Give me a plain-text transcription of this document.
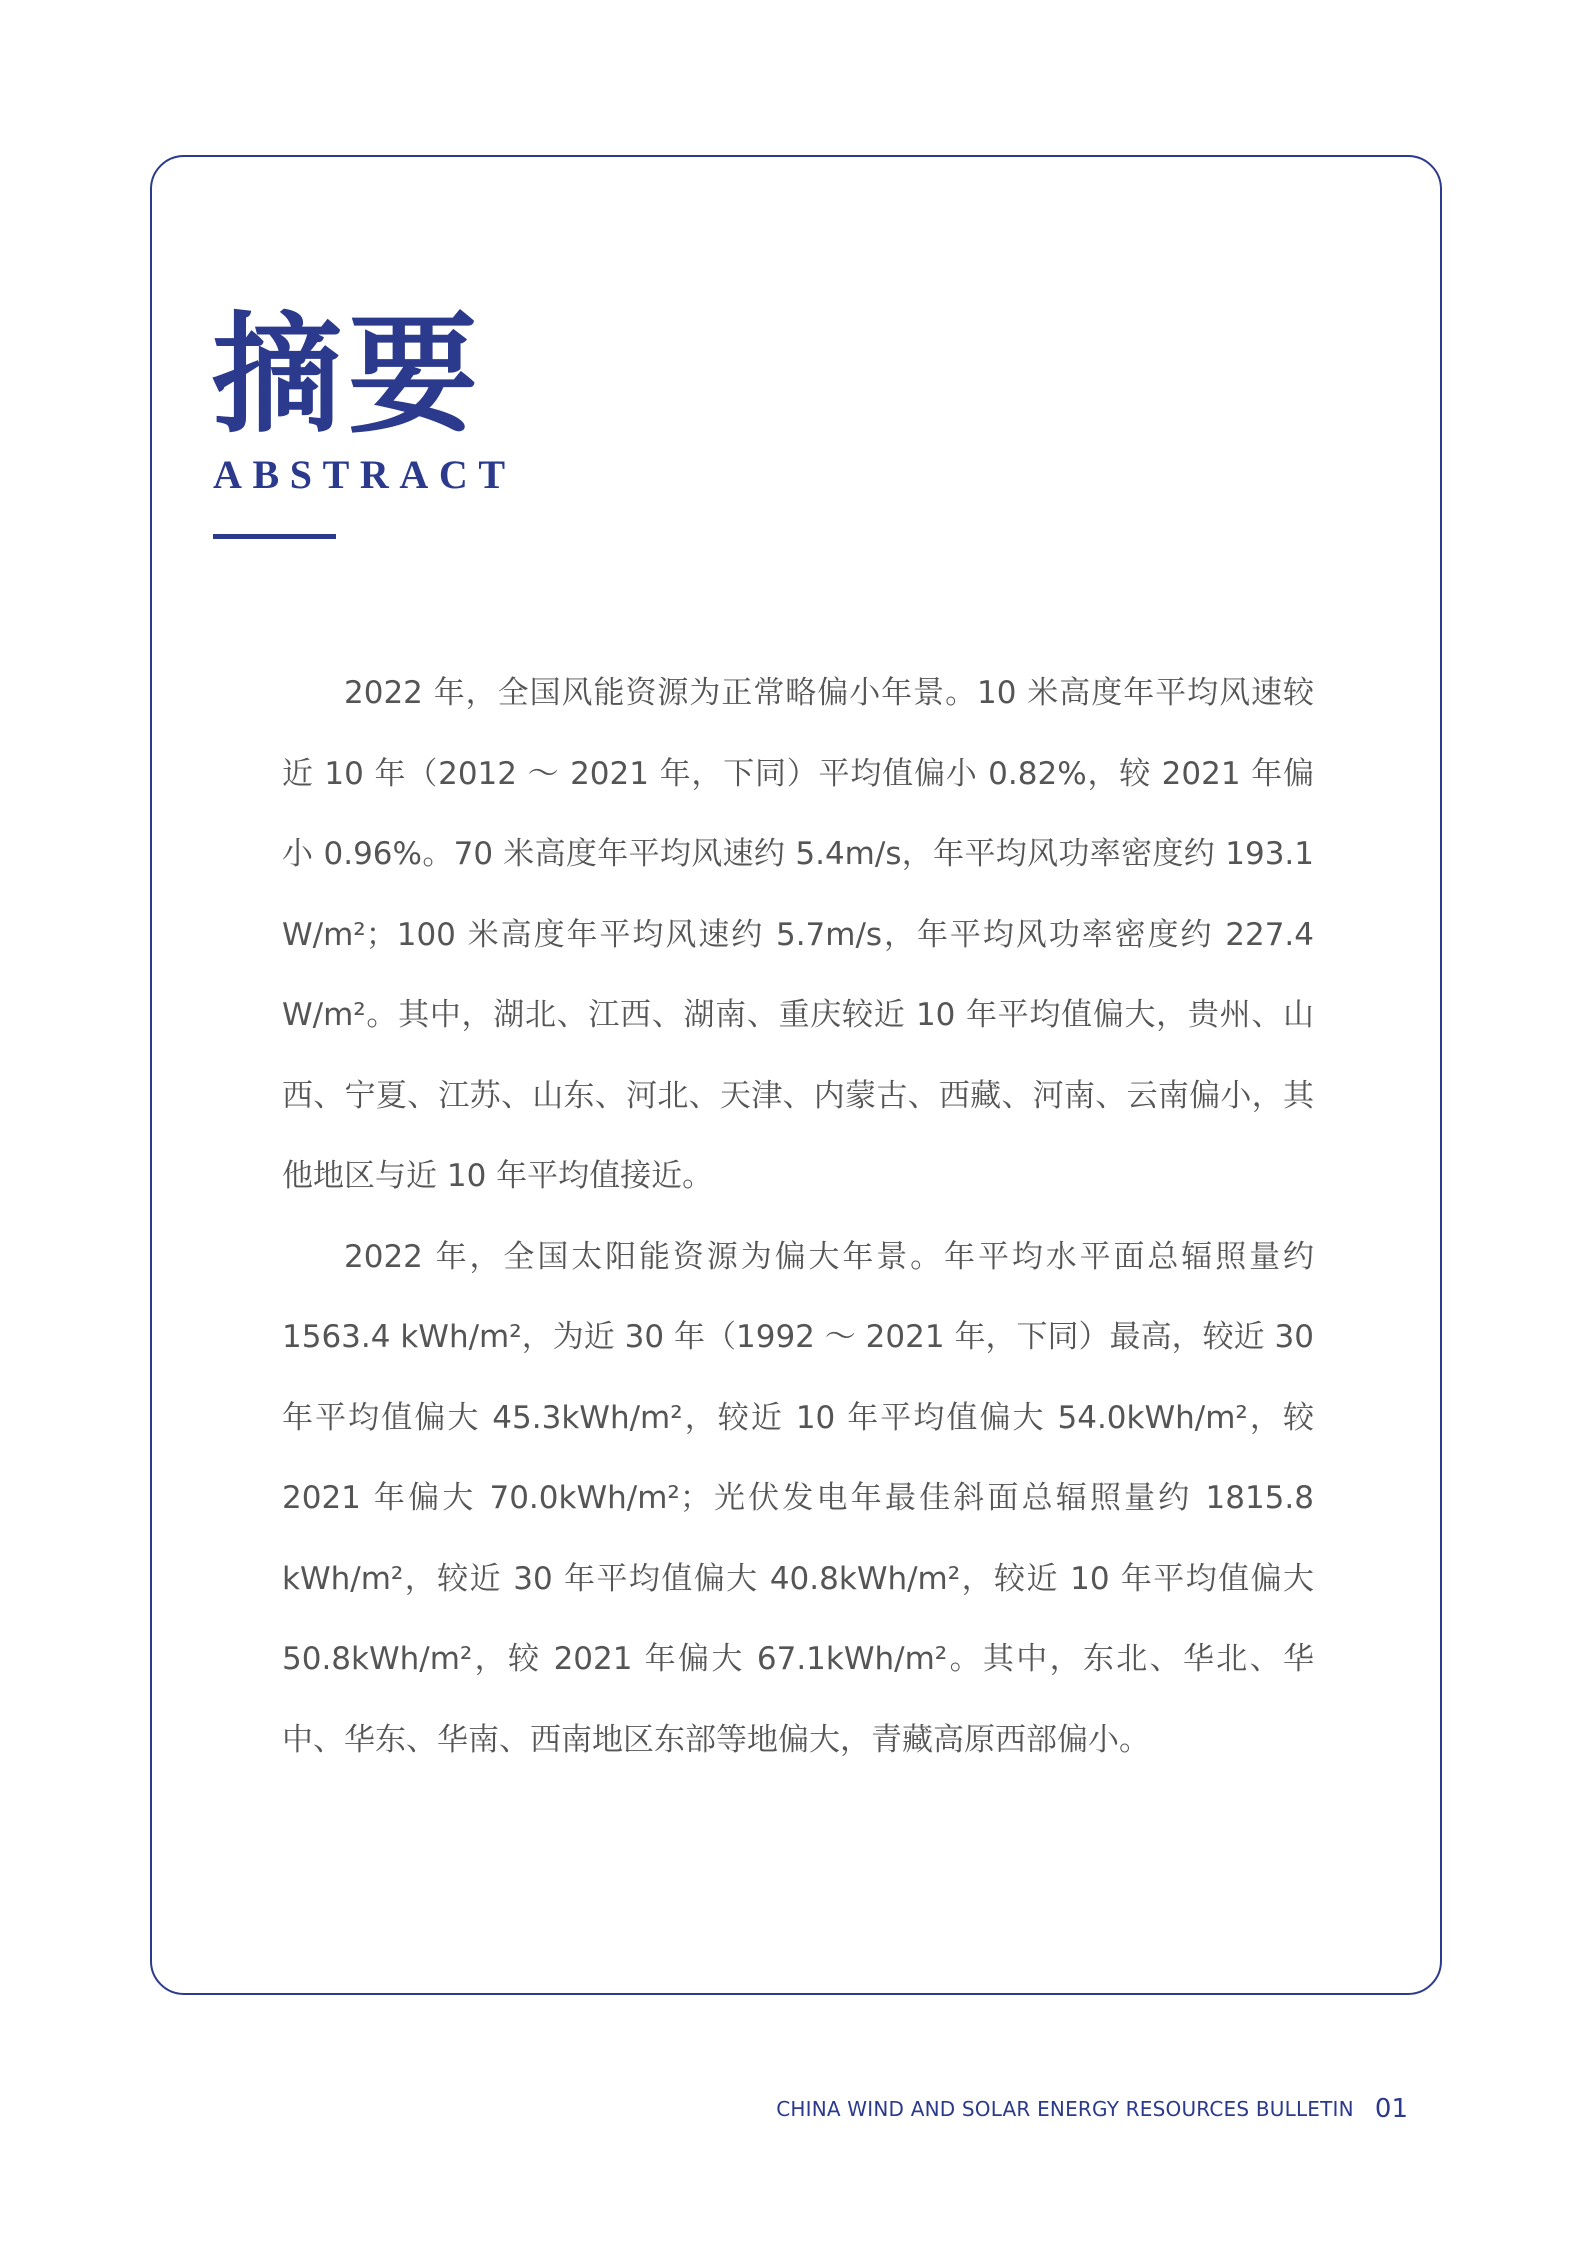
摘要
ABSTRACT

2022 年，全国风能资源为正常略偏小年景。10 米高度年平均风速较近 10 年（2012 ～ 2021 年，下同）平均值偏小 0.82%，较 2021 年偏小 0.96%。70 米高度年平均风速约 5.4m/s，年平均风功率密度约 193.1 W/m²；100 米高度年平均风速约 5.7m/s，年平均风功率密度约 227.4 W/m²。其中，湖北、江西、湖南、重庆较近 10 年平均值偏大，贵州、山西、宁夏、江苏、山东、河北、天津、内蒙古、西藏、河南、云南偏小，其他地区与近 10 年平均值接近。

2022 年，全国太阳能资源为偏大年景。年平均水平面总辐照量约 1563.4 kWh/m²，为近 30 年（1992 ～ 2021 年，下同）最高，较近 30 年平均值偏大 45.3kWh/m²，较近 10 年平均值偏大 54.0kWh/m²，较 2021 年偏大 70.0kWh/m²；光伏发电年最佳斜面总辐照量约 1815.8 kWh/m²，较近 30 年平均值偏大 40.8kWh/m²，较近 10 年平均值偏大 50.8kWh/m²，较 2021 年偏大 67.1kWh/m²。其中，东北、华北、华中、华东、华南、西南地区东部等地偏大，青藏高原西部偏小。

CHINA WIND AND SOLAR ENERGY RESOURCES BULLETIN 01
